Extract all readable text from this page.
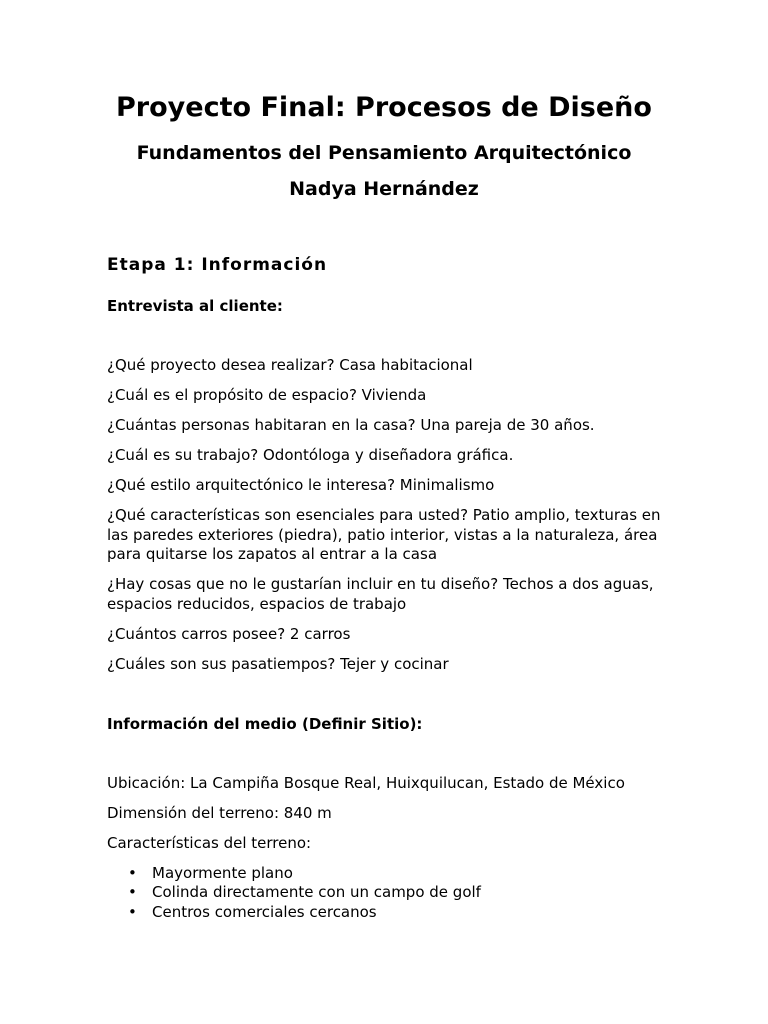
Proyecto Final: Procesos de Diseño
Fundamentos del Pensamiento Arquitectónico
Nadya Hernández
Etapa 1: Información
Entrevista al cliente:

¿Qué proyecto desea realizar? Casa habitacional

¿Cuál es el propósito de espacio? Vivienda

¿Cuántas personas habitaran en la casa? Una pareja de 30 años.

¿Cuál es su trabajo? Odontóloga y diseñadora gráfica.

¿Qué estilo arquitectónico le interesa? Minimalismo

¿Qué características son esenciales para usted? Patio amplio, texturas en las paredes exteriores (piedra), patio interior, vistas a la naturaleza, área para quitarse los zapatos al entrar a la casa

¿Hay cosas que no le gustarían incluir en tu diseño? Techos a dos aguas, espacios reducidos, espacios de trabajo

¿Cuántos carros posee? 2 carros

¿Cuáles son sus pasatiempos? Tejer y cocinar

Información del medio (Definir Sitio):

Ubicación: La Campiña Bosque Real, Huixquilucan, Estado de México

Dimensión del terreno: 840 m

Características del terreno:

• Mayormente plano
• Colinda directamente con un campo de golf
• Centros comerciales cercanos
